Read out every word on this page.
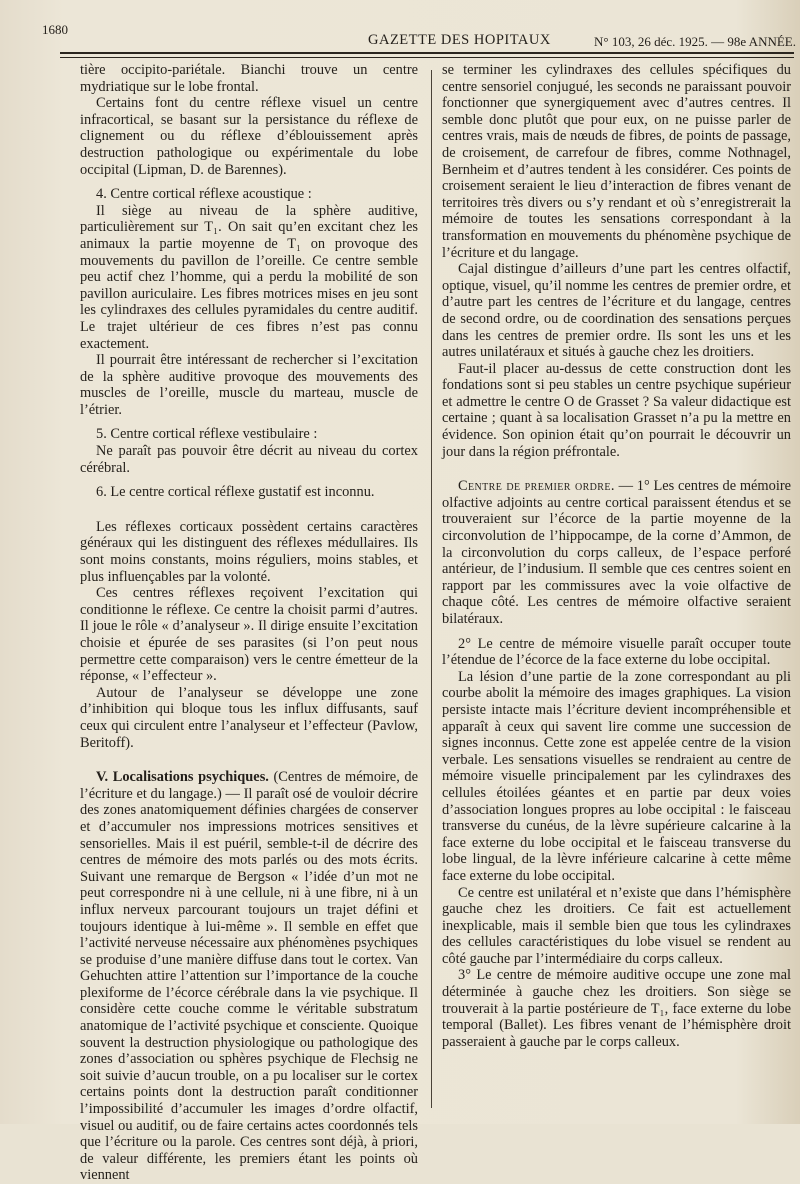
1680
GAZETTE DES HOPITAUX	N° 103, 26 déc. 1925. — 98e ANNÉE.

tière occipito-pariétale. Bianchi trouve un centre mydriatique sur le lobe frontal.

Certains font du centre réflexe visuel un centre infracortical, se basant sur la persistance du réflexe de clignement ou du réflexe d’éblouissement après destruction pathologique ou expérimentale du lobe occipital (Lipman, D. de Barennes).

4. Centre cortical réflexe acoustique :

Il siège au niveau de la sphère auditive, particulièrement sur T₁. On sait qu’en excitant chez les animaux la partie moyenne de T₁ on provoque des mouvements du pavillon de l’oreille. Ce centre semble peu actif chez l’homme, qui a perdu la mobilité de son pavillon auriculaire. Les fibres motrices mises en jeu sont les cylindraxes des cellules pyramidales du centre auditif. Le trajet ultérieur de ces fibres n’est pas connu exactement.

Il pourrait être intéressant de rechercher si l’excitation de la sphère auditive provoque des mouvements des muscles de l’oreille, muscle du marteau, muscle de l’étrier.

5. Centre cortical réflexe vestibulaire :

Ne paraît pas pouvoir être décrit au niveau du cortex cérébral.

6. Le centre cortical réflexe gustatif est inconnu.

Les réflexes corticaux possèdent certains caractères généraux qui les distinguent des réflexes médullaires. Ils sont moins constants, moins réguliers, moins stables, et plus influençables par la volonté.

Ces centres réflexes reçoivent l’excitation qui conditionne le réflexe. Ce centre la choisit parmi d’autres. Il joue le rôle « d’analyseur ». Il dirige ensuite l’excitation choisie et épurée de ses parasites (si l’on peut nous permettre cette comparaison) vers le centre émetteur de la réponse, « l’effecteur ».

Autour de l’analyseur se développe une zone d’inhibition qui bloque tous les influx diffusants, sauf ceux qui circulent entre l’analyseur et l’effecteur (Pavlow, Beritoff).

V. Localisations psychiques. (Centres de mémoire, de l’écriture et du langage.) — Il paraît osé de vouloir décrire des zones anatomiquement définies chargées de conserver et d’accumuler nos impressions motrices sensitives et sensorielles. Mais il est puéril, semble-t-il de décrire des centres de mémoire des mots parlés ou des mots écrits. Suivant une remarque de Bergson « l’idée d’un mot ne peut correspondre ni à une cellule, ni à une fibre, ni à un influx nerveux parcourant toujours un trajet défini et toujours identique à lui-même ». Il semble en effet que l’activité nerveuse nécessaire aux phénomènes psychiques se produise d’une manière diffuse dans tout le cortex. Van Gehuchten attire l’attention sur l’importance de la couche plexiforme de l’écorce cérébrale dans la vie psychique. Il considère cette couche comme le véritable substratum anatomique de l’activité psychique et consciente. Quoique souvent la destruction physiologique ou pathologique des zones d’association ou sphères psychique de Flechsig ne soit suivie d’aucun trouble, on a pu localiser sur le cortex certains points dont la destruction paraît conditionner l’impossibilité d’accumuler les images d’ordre olfactif, visuel ou auditif, ou de faire certains actes coordonnés tels que l’écriture ou la parole. Ces centres sont déjà, à priori, de valeur différente, les premiers étant les points où viennent

se terminer les cylindraxes des cellules spécifiques du centre sensoriel conjugué, les seconds ne paraissant pouvoir fonctionner que synergiquement avec d’autres centres. Il semble donc plutôt que pour eux, on ne puisse parler de centres vrais, mais de nœuds de fibres, de points de passage, de croisement, de carrefour de fibres, comme Nothnagel, Bernheim et d’autres tendent à les considérer. Ces points de croisement seraient le lieu d’interaction de fibres venant de territoires très divers ou s’y rendant et où s’enregistrerait la mémoire de toutes les sensations correspondant à la transformation en mouvements du phénomène psychique de l’écriture et du langage.

Cajal distingue d’ailleurs d’une part les centres olfactif, optique, visuel, qu’il nomme les centres de premier ordre, et d’autre part les centres de l’écriture et du langage, centres de second ordre, ou de coordination des sensations perçues dans les centres de premier ordre. Ils sont les uns et les autres unilatéraux et situés à gauche chez les droitiers.

Faut-il placer au-dessus de cette construction dont les fondations sont si peu stables un centre psychique supérieur et admettre le centre O de Grasset ? Sa valeur didactique est certaine ; quant à sa localisation Grasset n’a pu la mettre en évidence. Son opinion était qu’on pourrait le découvrir un jour dans la région préfrontale.

Centre de premier ordre. — 1° Les centres de mémoire olfactive adjoints au centre cortical paraissent étendus et se trouveraient sur l’écorce de la partie moyenne de la circonvolution de l’hippocampe, de la corne d’Ammon, de la circonvolution du corps calleux, de l’espace perforé antérieur, de l’indusium. Il semble que ces centres soient en rapport par les commissures avec la voie olfactive de chaque côté. Les centres de mémoire olfactive seraient bilatéraux.

2° Le centre de mémoire visuelle paraît occuper toute l’étendue de l’écorce de la face externe du lobe occipital.

La lésion d’une partie de la zone correspondant au pli courbe abolit la mémoire des images graphiques. La vision persiste intacte mais l’écriture devient incompréhensible et apparaît à ceux qui savent lire comme une succession de signes inconnus. Cette zone est appelée centre de la vision verbale. Les sensations visuelles se rendraient au centre de mémoire visuelle principalement par les cylindraxes des cellules étoilées géantes et en partie par deux voies d’association longues propres au lobe occipital : le faisceau transverse du cunéus, de la lèvre supérieure calcarine à la face externe du lobe occipital et le faisceau transverse du lobe lingual, de la lèvre inférieure calcarine à cette même face externe du lobe occipital.

Ce centre est unilatéral et n’existe que dans l’hémisphère gauche chez les droitiers. Ce fait est actuellement inexplicable, mais il semble bien que tous les cylindraxes des cellules caractéristiques du lobe visuel se rendent au côté gauche par l’intermédiaire du corps calleux.

3° Le centre de mémoire auditive occupe une zone mal déterminée à gauche chez les droitiers. Son siège se trouverait à la partie postérieure de T₁, face externe du lobe temporal (Ballet). Les fibres venant de l’hémisphère droit passeraient à gauche par le corps calleux.
